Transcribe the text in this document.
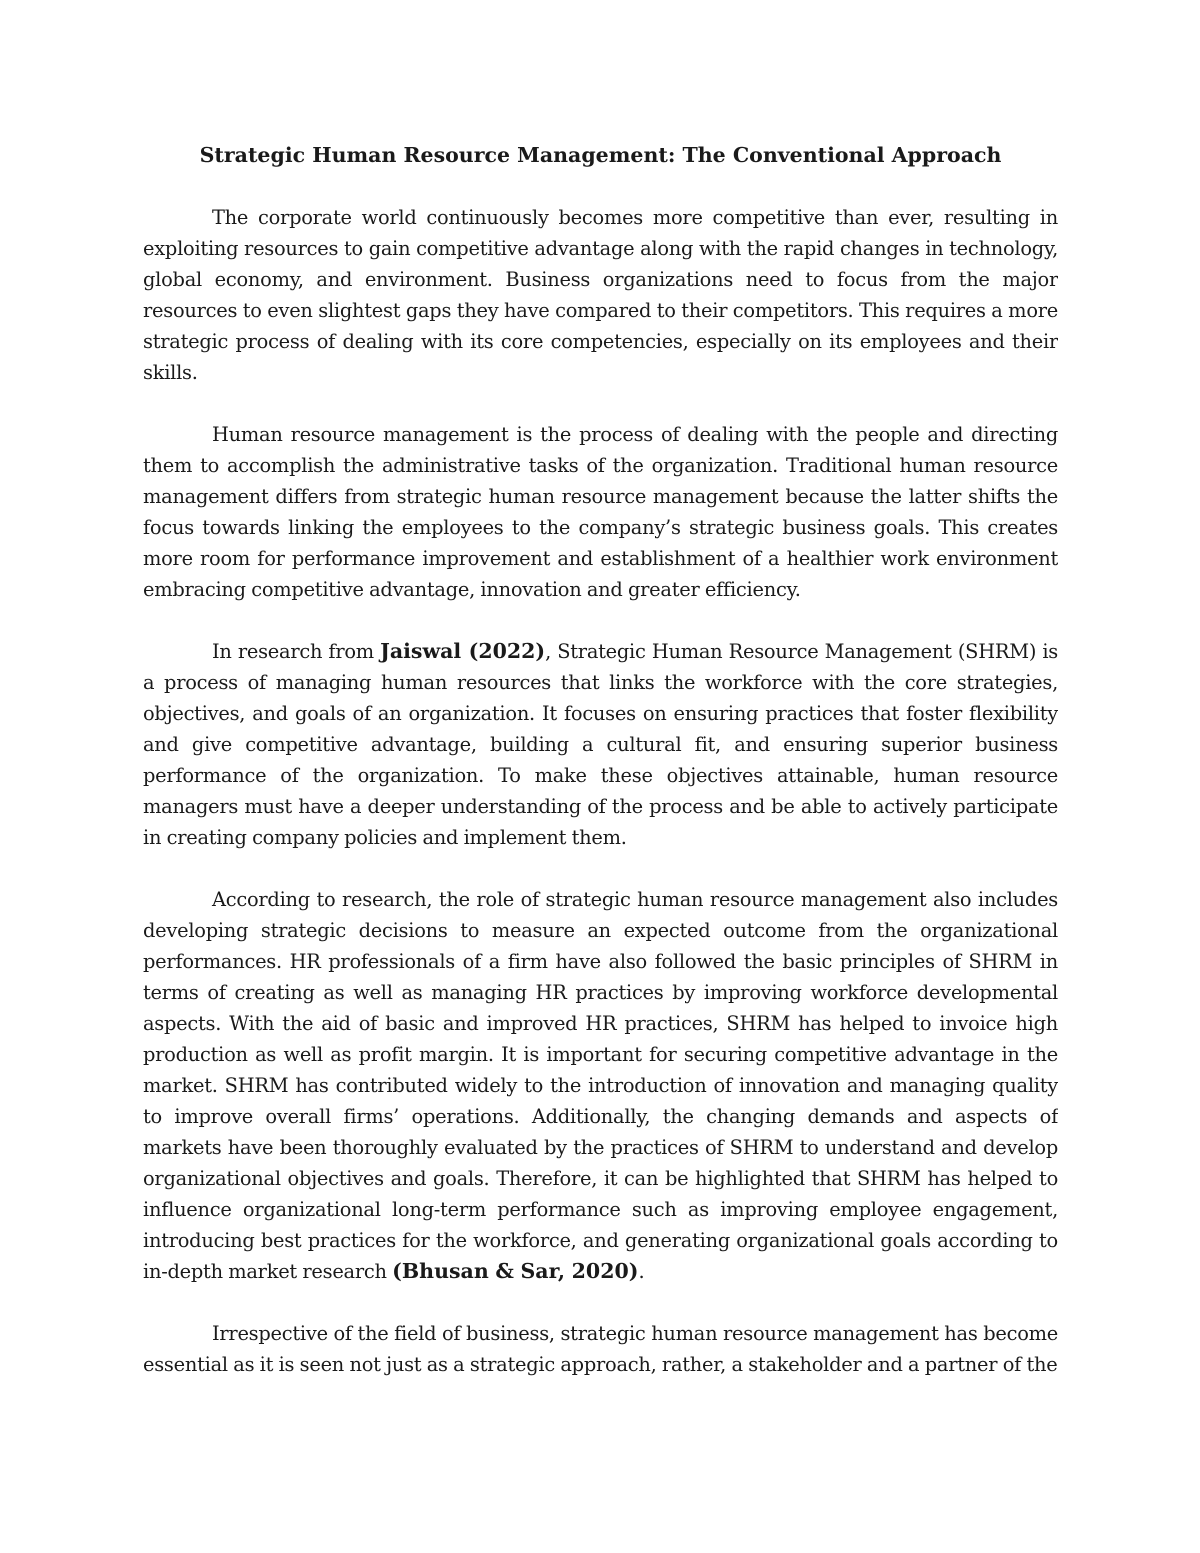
Strategic Human Resource Management: The Conventional Approach

The corporate world continuously becomes more competitive than ever, resulting in exploiting resources to gain competitive advantage along with the rapid changes in technology, global economy, and environment. Business organizations need to focus from the major resources to even slightest gaps they have compared to their competitors. This requires a more strategic process of dealing with its core competencies, especially on its employees and their skills.

Human resource management is the process of dealing with the people and directing them to accomplish the administrative tasks of the organization. Traditional human resource management differs from strategic human resource management because the latter shifts the focus towards linking the employees to the company’s strategic business goals. This creates more room for performance improvement and establishment of a healthier work environment embracing competitive advantage, innovation and greater efficiency.

In research from Jaiswal (2022), Strategic Human Resource Management (SHRM) is a process of managing human resources that links the workforce with the core strategies, objectives, and goals of an organization. It focuses on ensuring practices that foster flexibility and give competitive advantage, building a cultural fit, and ensuring superior business performance of the organization. To make these objectives attainable, human resource managers must have a deeper understanding of the process and be able to actively participate in creating company policies and implement them.

According to research, the role of strategic human resource management also includes developing strategic decisions to measure an expected outcome from the organizational performances. HR professionals of a firm have also followed the basic principles of SHRM in terms of creating as well as managing HR practices by improving workforce developmental aspects. With the aid of basic and improved HR practices, SHRM has helped to invoice high production as well as profit margin. It is important for securing competitive advantage in the market. SHRM has contributed widely to the introduction of innovation and managing quality to improve overall firms’ operations. Additionally, the changing demands and aspects of markets have been thoroughly evaluated by the practices of SHRM to understand and develop organizational objectives and goals. Therefore, it can be highlighted that SHRM has helped to influence organizational long-term performance such as improving employee engagement, introducing best practices for the workforce, and generating organizational goals according to in-depth market research (Bhusan & Sar, 2020).

Irrespective of the field of business, strategic human resource management has become essential as it is seen not just as a strategic approach, rather, a stakeholder and a partner of the
